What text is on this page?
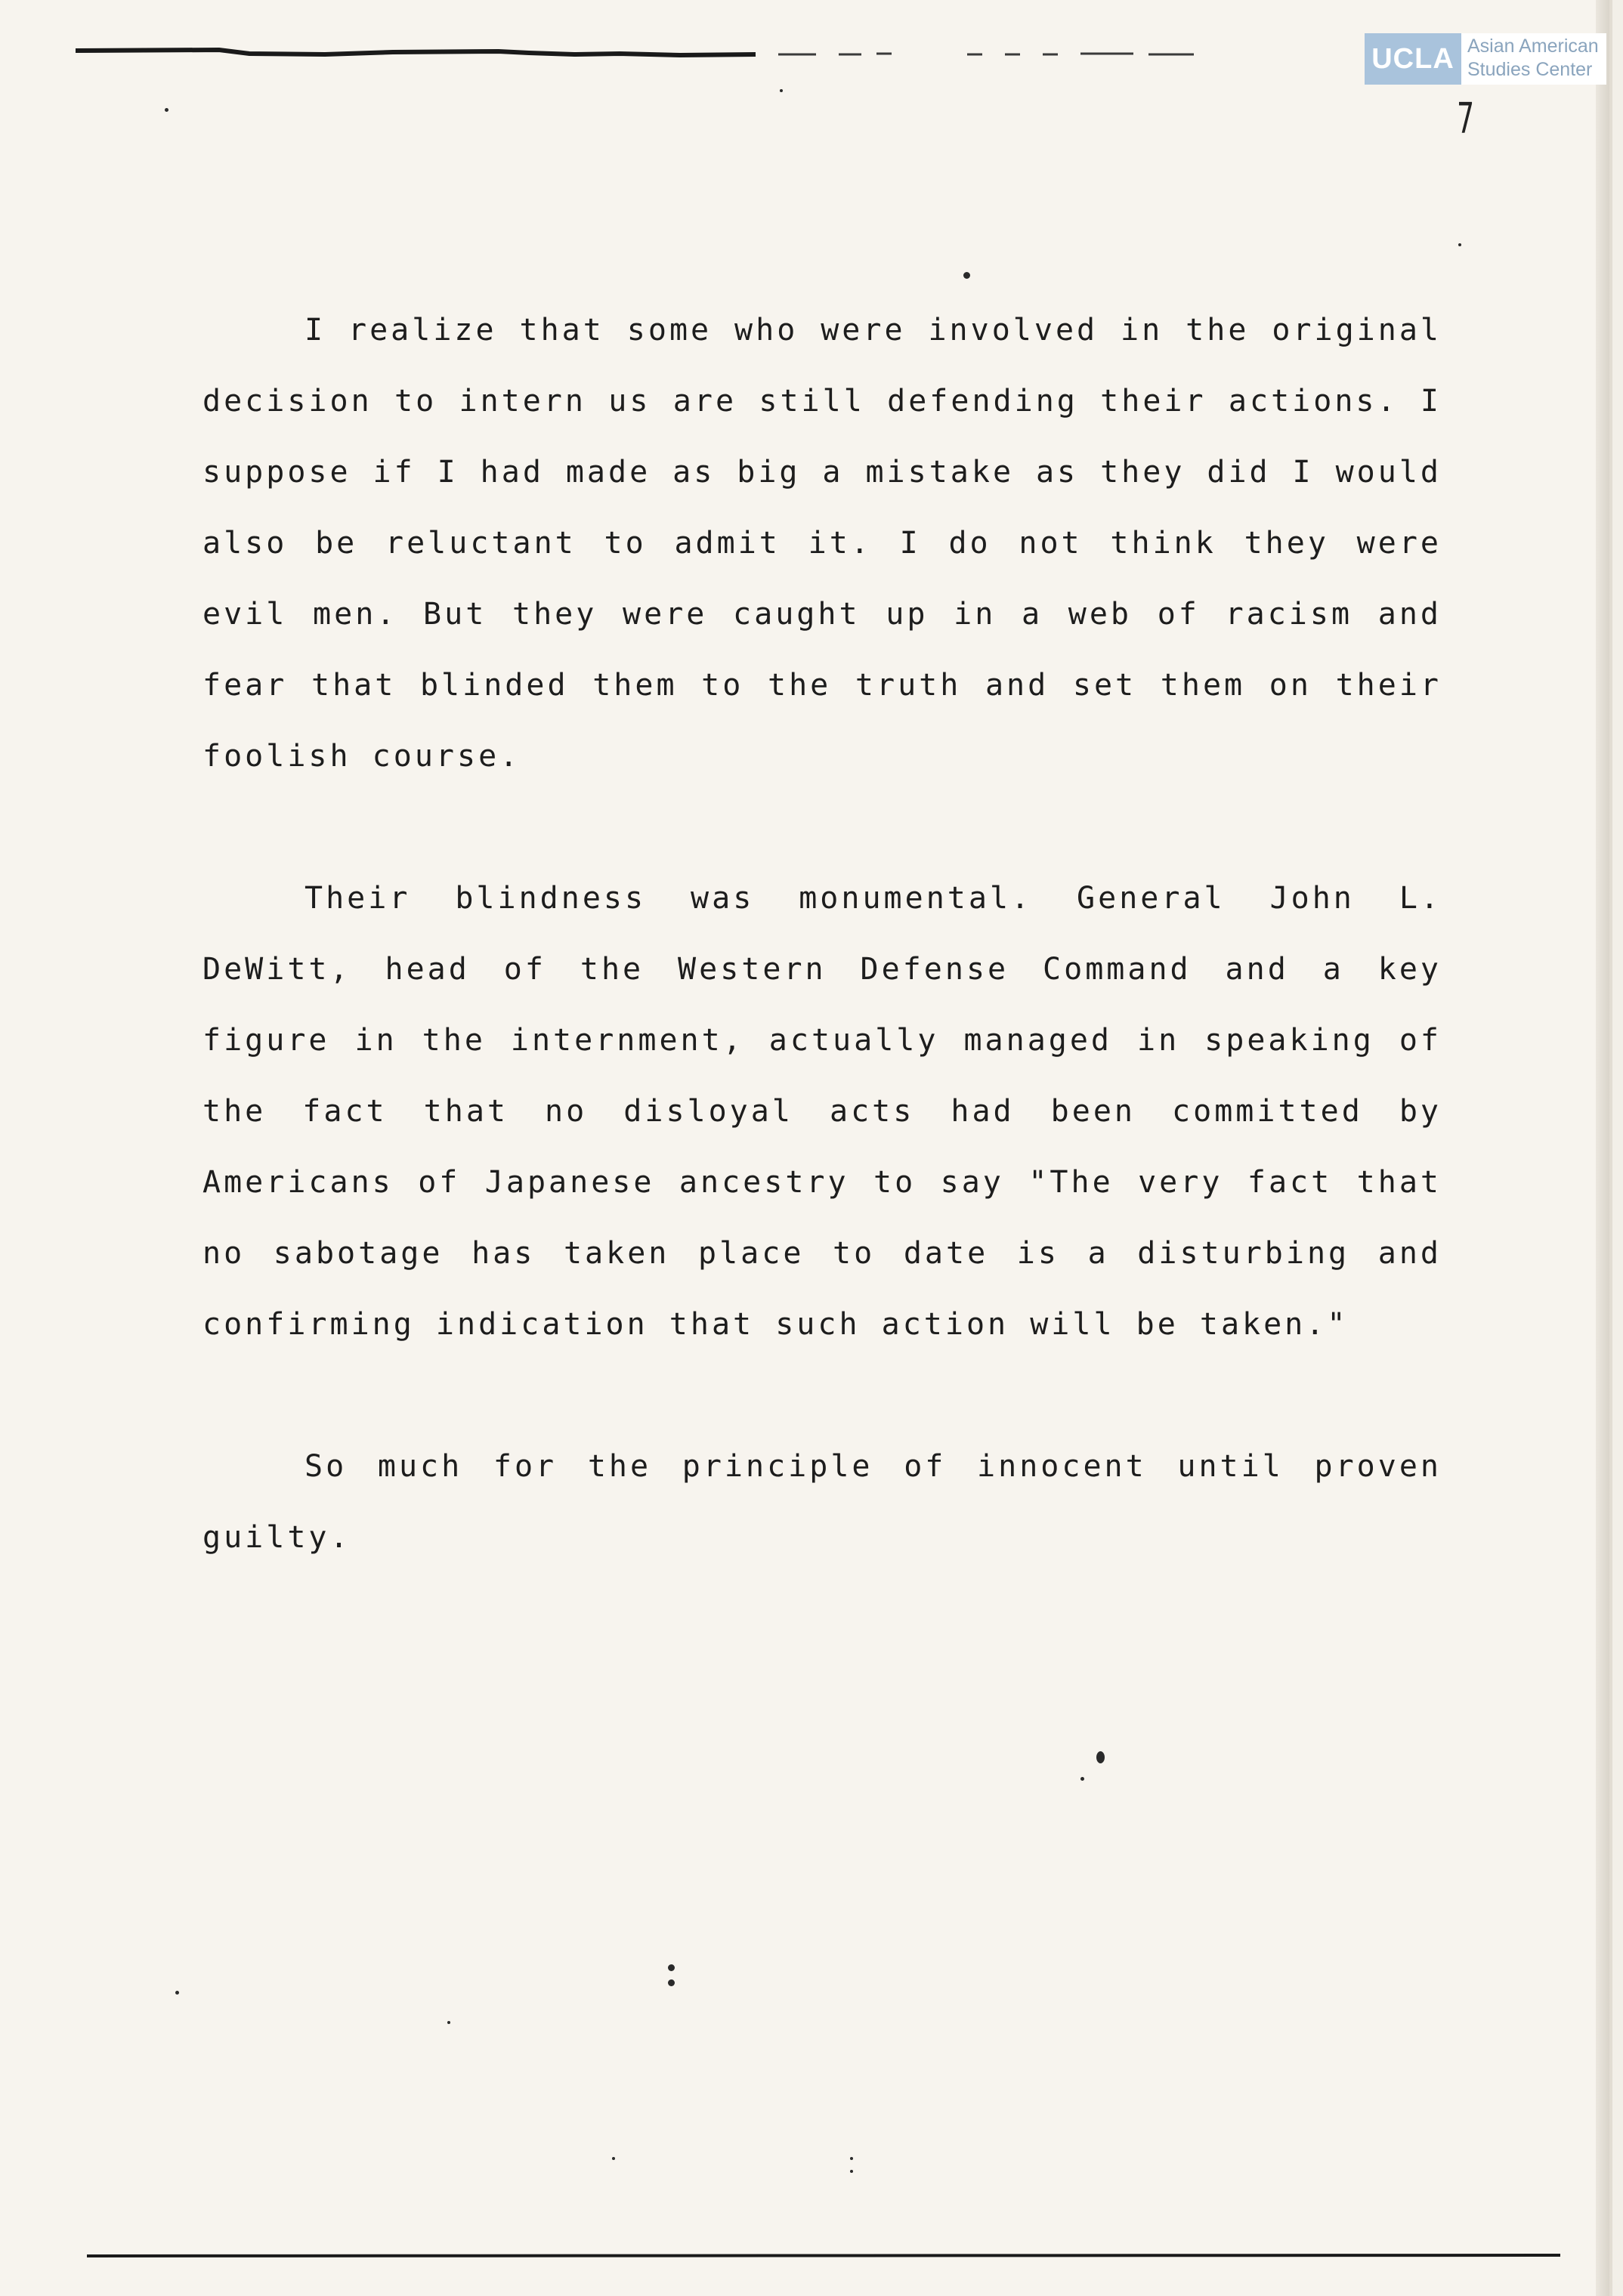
UCLA Asian American
Studies Center
7

I realize that some who were involved in the original decision to intern us are still defending their actions. I suppose if I had made as big a mistake as they did I would also be reluctant to admit it. I do not think they were evil men. But they were caught up in a web of racism and fear that blinded them to the truth and set them on their foolish course.

Their blindness was monumental. General John L. DeWitt, head of the Western Defense Command and a key figure in the internment, actually managed in speaking of the fact that no disloyal acts had been committed by Americans of Japanese ancestry to say "The very fact that no sabotage has taken place to date is a disturbing and confirming indication that such action will be taken."

So much for the principle of innocent until proven guilty.
